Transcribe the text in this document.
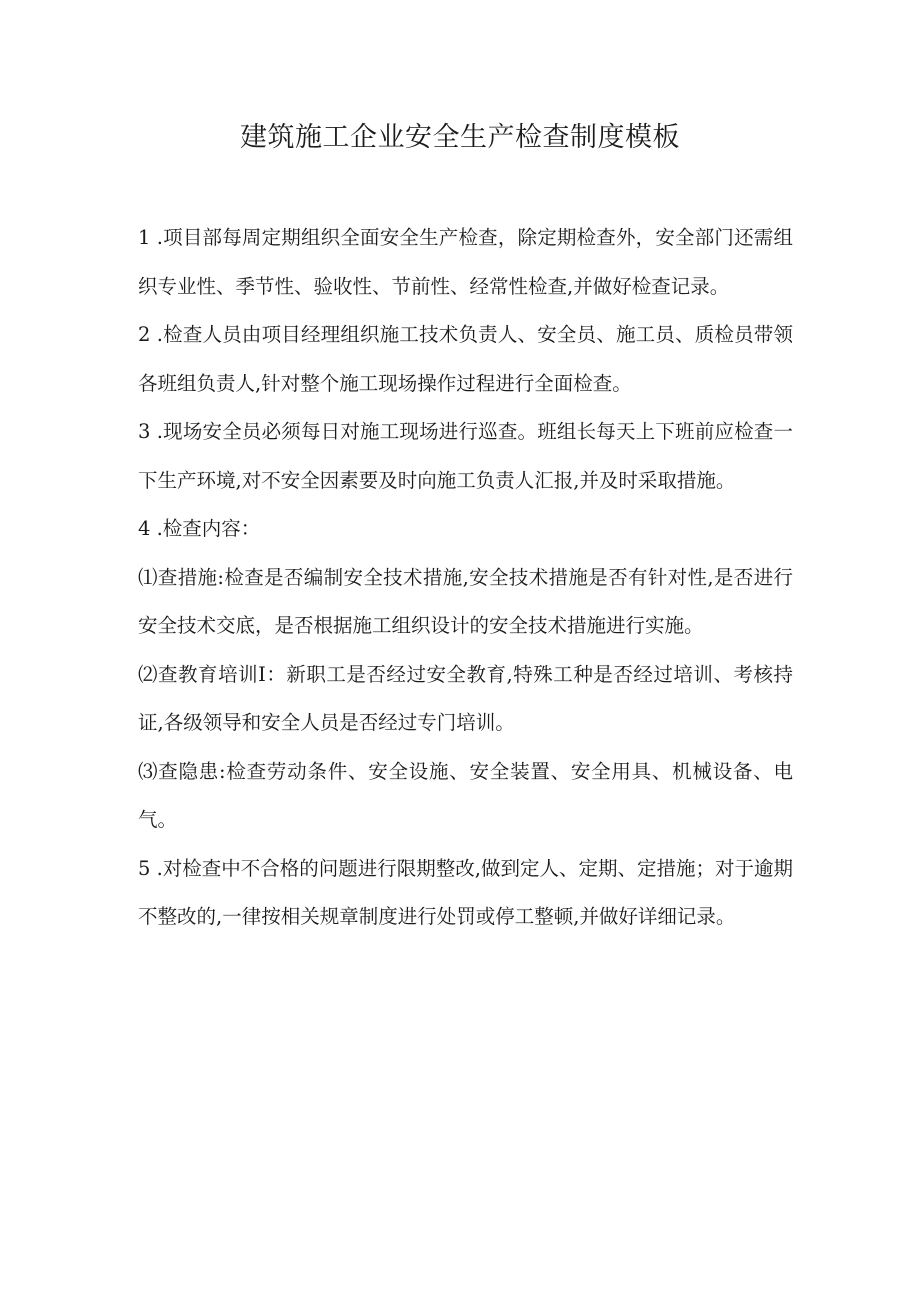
建筑施工企业安全生产检查制度模板

1 .项目部每周定期组织全面安全生产检查，除定期检查外，安全部门还需组织专业性、季节性、验收性、节前性、经常性检查,并做好检查记录。

2 .检查人员由项目经理组织施工技术负责人、安全员、施工员、质检员带领各班组负责人,针对整个施工现场操作过程进行全面检查。

3 .现场安全员必须每日对施工现场进行巡查。班组长每天上下班前应检查一下生产环境,对不安全因素要及时向施工负责人汇报,并及时采取措施。

4 .检查内容：

⑴查措施:检查是否编制安全技术措施,安全技术措施是否有针对性,是否进行安全技术交底，是否根据施工组织设计的安全技术措施进行实施。

⑵查教育培训I：新职工是否经过安全教育,特殊工种是否经过培训、考核持证,各级领导和安全人员是否经过专门培训。

⑶查隐患:检查劳动条件、安全设施、安全装置、安全用具、机械设备、电气。

5 .对检查中不合格的问题进行限期整改,做到定人、定期、定措施；对于逾期不整改的,一律按相关规章制度进行处罚或停工整顿,并做好详细记录。
